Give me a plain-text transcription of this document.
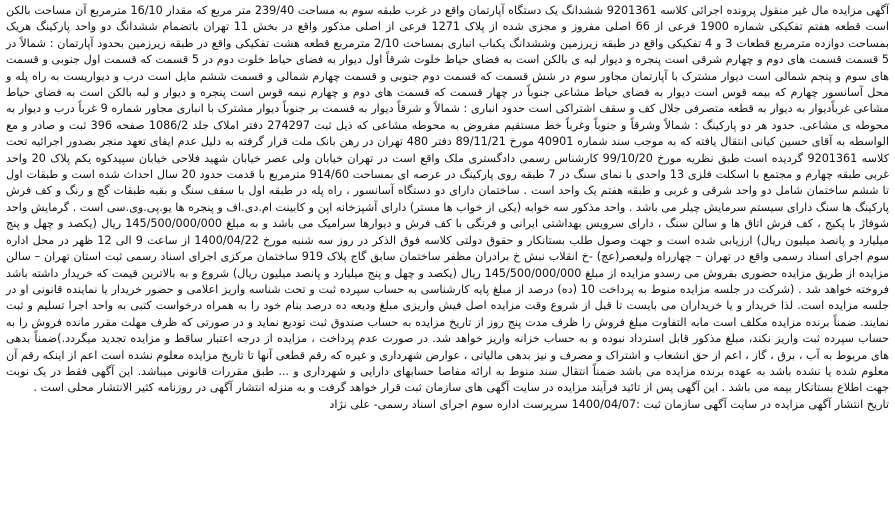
آگهی مزایده مال غیر منقول پرونده اجرائی کلاسه 9201361 ششدانگ یک دستگاه آپارتمان واقع در غرب طبقه سوم به مساحت 239/40 متر مربع که مقدار 16/10 مترمربع آن مساحت بالکن است قطعه هفتم تفکیکی شماره 1900 فرعی از 66 اصلی مفروز و مجزی شده از پلاک 1271 فرعی از اصلی مذکور واقع در بخش 11 تهران باتضمام ششدانگ دو واحد پارکینگ هریک بمساحت دوازده مترمربع قطعات 3 و 4 تفکیکی واقع در طبقه زیرزمین وششدانگ یکباب انباری بمساحت 2/10 مترمربع قطعه هشت تفکیکی واقع در طبقه زیرزمین بحدود آپارتمان : شمالاً در 5 قسمت قسمت های دوم و چهارم شرقی است پنجره و دیوار لبه ی بالکن است به فضای حیاط خلوت شرقاً اول دیوار به فضای حیاط خلوت دوم در 5 قسمت که قسمت اول جنوبی و قسمت های سوم و پنجم شمالی است دیوار مشترک با آپارتمان مجاور سوم در شش قسمت که قسمت دوم جنوبی و قسمت چهارم شمالی و قسمت ششم مایل است درب و دیواریست به راه پله و محل آسانسور چهارم که بیمه قوس است دیوار به فضای حیاط مشاعی جنوباً در چهار قسمت که قسمت های دوم و چهارم نیمه قوس است پنجره و دیوار و لبه بالکن است به فضای حیاط مشاعی غرباًدیوار به دیوار به قطعه متصرفی جلال کف و سقف اشتراکی است حدود انباری : شمالاً و شرقاً دیوار به قسمت بر جنوباً دیوار مشترک با انباری مجاور شماره 9 غرباً درب و دیوار به محوطه ی مشاعی. حدود هر دو پارکینگ : شمالاً وشرقاً و جنوباً وغرباً خط مستقیم مفروض به محوطه مشاعی که ذیل ثبت 274297 دفتر املاک جلد 1086/2 صفحه 396 ثبت و صادر و مع الواسطه به آقای حسین کیانی انتقال یافته که به موجب سند شماره 40901 مورخ 89/11/21 دفتر 480 تهران در رهن بانک ملت قرار گرفته به دلیل عدم ایفای تعهد منجر بصدور اجرائیه تحت کلاسه 9201361 گردیده است طبق نظریه مورخ 99/10/20 کارشناس رسمی دادگستری ملک واقع است در تهران خیابان ولی عصر خیابان شهید فلاحی خیابان سپیدکوه یکم پلاک 20 واحد غربی طبقه چهارم و مجتمع با اسکلت فلزی 13 واحدی با نمای سنگ در 7 طبقه روی پارکینگ در عرصه ای بمساحت 914/60 مترمربع با قدمت حدود 20 سال احداث شده است و طبقات اول تا ششم ساختمان شامل دو واحد شرقی و غربی و طبقه هفتم یک واحد است . ساختمان دارای دو دستگاه آسانسور ، راه پله در طبقه اول با سقف سنگ و بقیه طبقات گچ و رنگ و کف فرش پارکینگ ها سنگ دارای سیستم سرمایش چیلر می باشد . واحد مذکور سه خوابه (یکی از خواب ها مستر) دارای آشپزخانه اپن و کابینت ام.دی.اف و پنجره ها یو.پی.وی.سی است . گرمایش واحد شوفاژ با پکیج ، کف فرش اتاق ها و سالن سنگ ، دارای سرویس بهداشتی ایرانی و فرنگی با کف فرش و دیوارها سرامیک می باشد و به مبلغ 145/500/000/000 ریال (یکصد و چهل و پنج میلیارد و پانصد میلیون ریال) ارزیابی شده است و جهت وصول طلب بستانکار و حقوق دولتی کلاسه فوق الذکر در روز سه شنبه مورخ 1400/04/22 از ساعت 9 الی 12 ظهر در محل اداره سوم اجرای اسناد رسمی واقع در تهران – چهارراه ولیعصر(عج) -خ انقلاب نبش خ برادران مظفر ساختمان سابق گاج پلاک 919 ساختمان مرکزی اجرای اسناد رسمی ثبت استان تهران – سالن مزایده از طریق مزایده حضوری بفروش می رسدو مزایده از مبلغ 145/500/000/000 ریال (یکصد و چهل و پنج میلیارد و پانصد میلیون ریال) شروع و به بالاترین قیمت که خریدار داشته باشد فروخته خواهد شد . (شرکت در جلسه مزایده منوط به پرداخت 10 (ده) درصد از مبلغ پایه کارشناسی به حساب سپرده ثبت و تحت شناسه واریز اعلامی و حضور خریدار یا نماینده قانونی او در جلسه مزایده است. لذا خریدار و یا خریداران می بایست تا قبل از شروع وقت مزایده اصل فیش واریزی مبلغ ودیعه ده درصد بنام خود را به همراه درخواست کتبی به واحد اجرا تسلیم و ثبت نمایند. ضمناً برنده مزایده مکلف است مابه التفاوت مبلغ فروش را ظرف مدت پنج روز از تاریخ مزایده به حساب صندوق ثبت تودیع نماید و در صورتی که ظرف مهلت مقرر مانده فروش را به حساب سپرده ثبت واریز نکند، مبلغ مذکور قابل استرداد نبوده و به حساب خزانه واریز خواهد شد. در صورت عدم پرداخت ، مزایده از درجه اعتبار ساقط و مزایده تجدید میگردد.)ضمناً بدهی های مربوط به آب ، برق ، گاز ، اعم از حق انشعاب و اشتراک و مصرف و نیز بدهی مالیاتی ، عوارض شهرداری و غیره که رقم قطعی آنها تا تاریخ مزایده معلوم نشده است اعم از اینکه رقم آن معلوم شده یا نشده باشد به عهده برنده مزایده می باشد ضمناً انتقال سند منوط به ارائه مفاصا حسابهای دارایی و شهرداری و ... طبق مقررات قانونی میباشد. این آگهی فقط در یک نوبت جهت اطلاع بستانکار بیمه می باشد . این آگهی پس از تائید فرآیند مزایده در سایت آگهی های سازمان ثبت قرار خواهد گرفت و به منزله انتشار آگهی در روزنامه کثیر الانتشار محلی است .

تاریخ انتشار آگهی مزایده در سایت آگهی سازمان ثبت :1400/04/07 سرپرست اداره سوم اجرای اسناد رسمی- علی نژاد
